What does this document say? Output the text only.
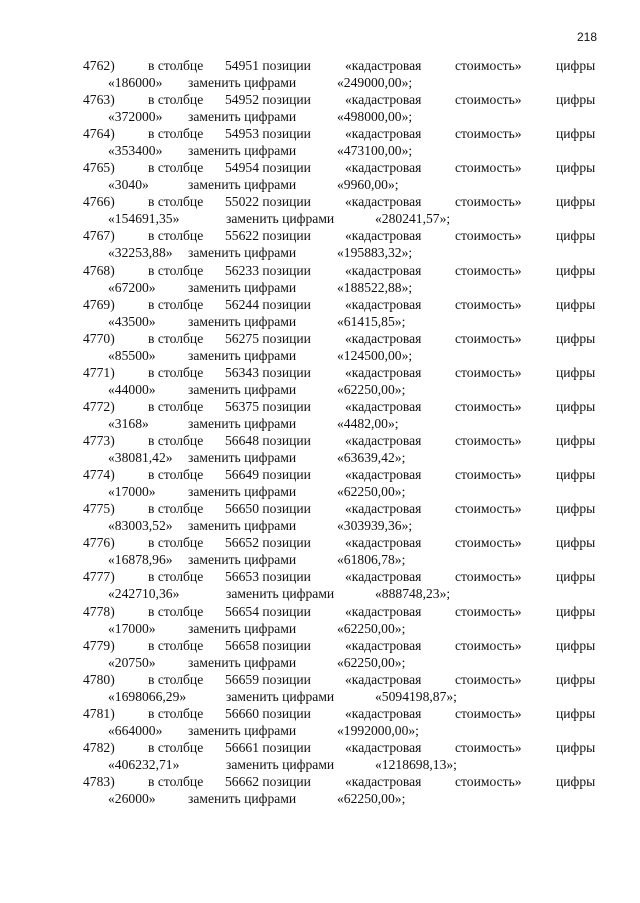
218
4762) в столбце 54951 позиции	«кадастровая стоимость»	цифры
«186000» заменить цифрами	«249000,00»;
4763) в столбце 54952 позиции	«кадастровая стоимость»	цифры
«372000» заменить цифрами	«498000,00»;
4764) в столбце 54953 позиции	«кадастровая стоимость»	цифры
«353400» заменить цифрами	«473100,00»;
4765) в столбце 54954 позиции	«кадастровая стоимость»	цифры
«3040»	заменить цифрами	«9960,00»;
4766) в столбце 55022 позиции	«кадастровая стоимость»	цифры
«154691,35»	заменить цифрами	«280241,57»;
4767) в столбце 55622 позиции	«кадастровая стоимость»	цифры
«32253,88» заменить цифрами	«195883,32»;
4768) в столбце 56233 позиции	«кадастровая стоимость»	цифры
«67200» заменить цифрами	«188522,88»;
4769) в столбце 56244 позиции	«кадастровая стоимость»	цифры
«43500» заменить цифрами	«61415,85»;
4770) в столбце 56275 позиции	«кадастровая стоимость»	цифры
«85500» заменить цифрами	«124500,00»;
4771) в столбце 56343 позиции	«кадастровая стоимость»	цифры
«44000» заменить цифрами	«62250,00»;
4772) в столбце 56375 позиции	«кадастровая стоимость»	цифры
«3168»	заменить цифрами	«4482,00»;
4773) в столбце 56648 позиции	«кадастровая стоимость»	цифры
«38081,42» заменить цифрами	«63639,42»;
4774) в столбце 56649 позиции	«кадастровая стоимость»	цифры
«17000» заменить цифрами	«62250,00»;
4775) в столбце 56650 позиции	«кадастровая стоимость»	цифры
«83003,52» заменить цифрами	«303939,36»;
4776) в столбце 56652 позиции	«кадастровая стоимость»	цифры
«16878,96» заменить цифрами	«61806,78»;
4777) в столбце 56653 позиции	«кадастровая стоимость»	цифры
«242710,36»	заменить цифрами	«888748,23»;
4778) в столбце 56654 позиции	«кадастровая стоимость»	цифры
«17000» заменить цифрами	«62250,00»;
4779) в столбце 56658 позиции	«кадастровая стоимость»	цифры
«20750» заменить цифрами	«62250,00»;
4780) в столбце 56659 позиции	«кадастровая стоимость»	цифры
«1698066,29»	заменить цифрами	«5094198,87»;
4781) в столбце 56660 позиции	«кадастровая стоимость»	цифры
«664000» заменить цифрами	«1992000,00»;
4782) в столбце 56661 позиции	«кадастровая стоимость»	цифры
«406232,71»	заменить цифрами	«1218698,13»;
4783) в столбце 56662 позиции	«кадастровая стоимость»	цифры
«26000» заменить цифрами	«62250,00»;
